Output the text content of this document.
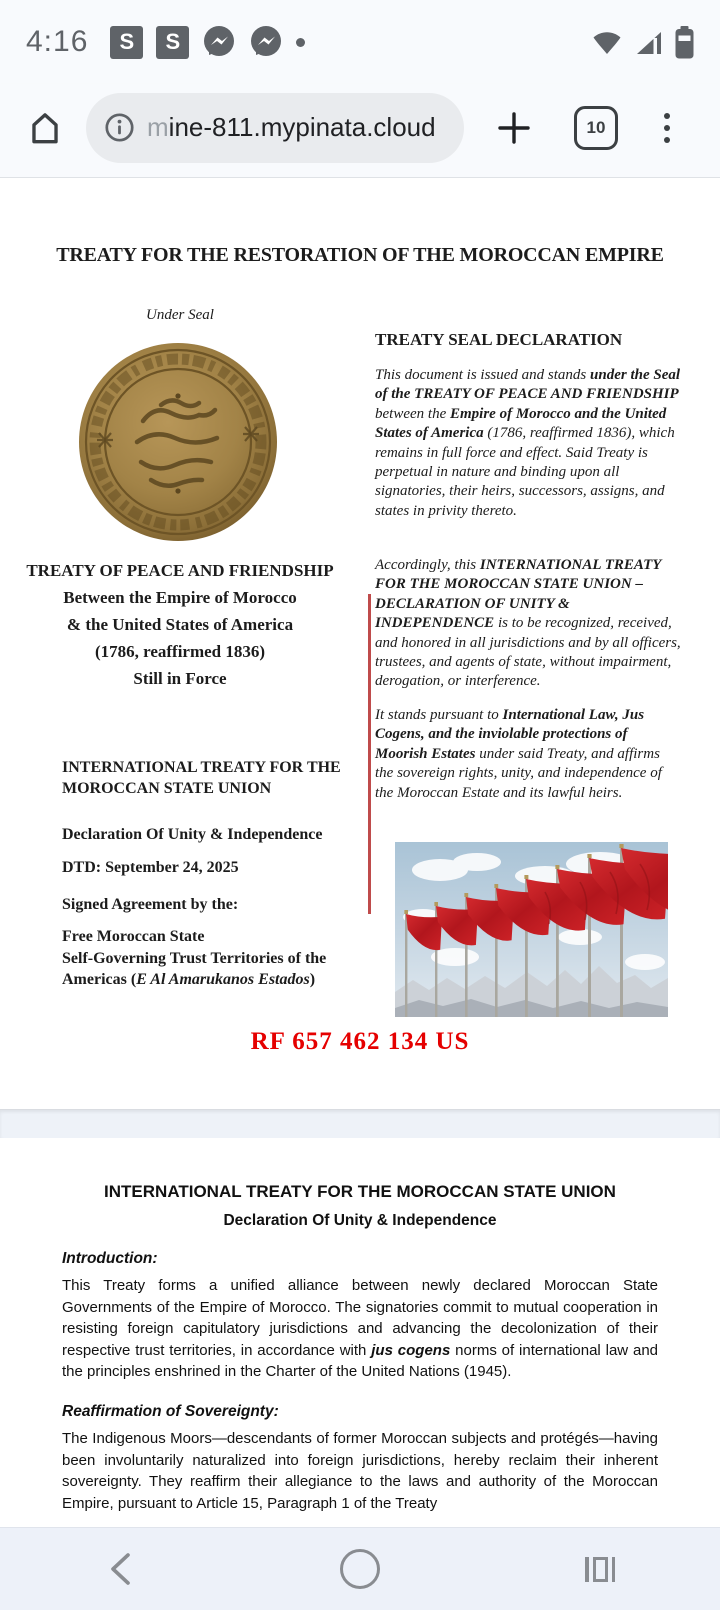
4:16	S	S
mine-811.mypinata.cloud	10
TREATY FOR THE RESTORATION OF THE MOROCCAN EMPIRE
Under Seal
TREATY OF PEACE AND FRIENDSHIP
Between the Empire of Morocco
& the United States of America
(1786, reaffirmed 1836)
Still in Force
INTERNATIONAL TREATY FOR THE
MOROCCAN STATE UNION
Declaration Of Unity & Independence
DTD: September 24, 2025
Signed Agreement by the:
Free Moroccan State
Self-Governing Trust Territories of the
Americas (E Al Amarukanos Estados)
TREATY SEAL DECLARATION

This document is issued and stands under the Seal of the TREATY OF PEACE AND FRIENDSHIP between the Empire of Morocco and the United States of America (1786, reaffirmed 1836), which remains in full force and effect. Said Treaty is perpetual in nature and binding upon all signatories, their heirs, successors, assigns, and states in privity thereto.

Accordingly, this INTERNATIONAL TREATY FOR THE MOROCCAN STATE UNION – DECLARATION OF UNITY & INDEPENDENCE is to be recognized, received, and honored in all jurisdictions and by all officers, trustees, and agents of state, without impairment, derogation, or interference.

It stands pursuant to International Law, Jus Cogens, and the inviolable protections of Moorish Estates under said Treaty, and affirms the sovereign rights, unity, and independence of the Moroccan Estate and its lawful heirs.

RF 657 462 134 US
INTERNATIONAL TREATY FOR THE MOROCCAN STATE UNION
Declaration Of Unity & Independence
Introduction:

This Treaty forms a unified alliance between newly declared Moroccan State Governments of the Empire of Morocco. The signatories commit to mutual cooperation in resisting foreign capitulatory jurisdictions and advancing the decolonization of their respective trust territories, in accordance with jus cogens norms of international law and the principles enshrined in the Charter of the United Nations (1945).

Reaffirmation of Sovereignty:

The Indigenous Moors—descendants of former Moroccan subjects and protégés—having been involuntarily naturalized into foreign jurisdictions, hereby reclaim their inherent sovereignty. They reaffirm their allegiance to the laws and authority of the Moroccan Empire, pursuant to Article 15, Paragraph 1 of the Treaty
